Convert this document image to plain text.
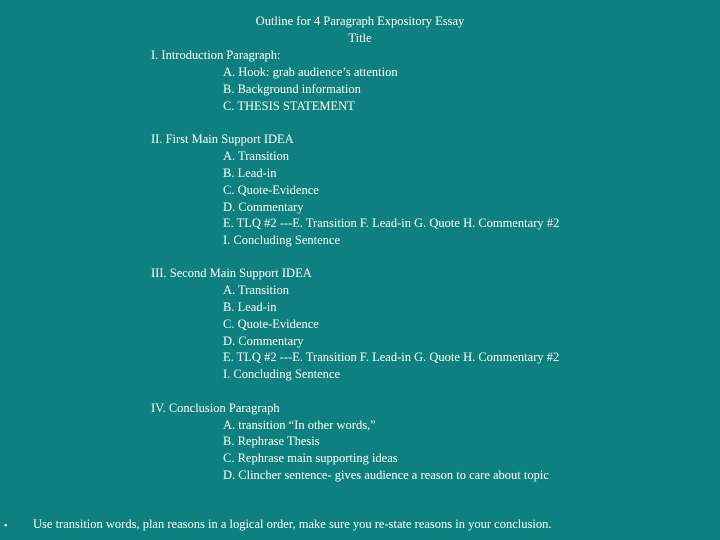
Outline for 4 Paragraph Expository Essay
Title
I. Introduction Paragraph:
A. Hook: grab audience’s attention
B. Background information
C. THESIS STATEMENT
II. First Main Support IDEA
A. Transition
B. Lead-in
C. Quote-Evidence
D. Commentary
E. TLQ #2 ---E. Transition F. Lead-in G. Quote H. Commentary #2
I. Concluding Sentence
III. Second Main Support IDEA
A. Transition
B. Lead-in
C. Quote-Evidence
D. Commentary
E. TLQ #2 ---E. Transition F. Lead-in G. Quote H. Commentary #2
I. Concluding Sentence
IV. Conclusion Paragraph
A. transition “In other words,”
B. Rephrase Thesis
C. Rephrase main supporting ideas
D. Clincher sentence- gives audience a reason to care about topic
• Use transition words, plan reasons in a logical order, make sure you re-state reasons in your conclusion.
